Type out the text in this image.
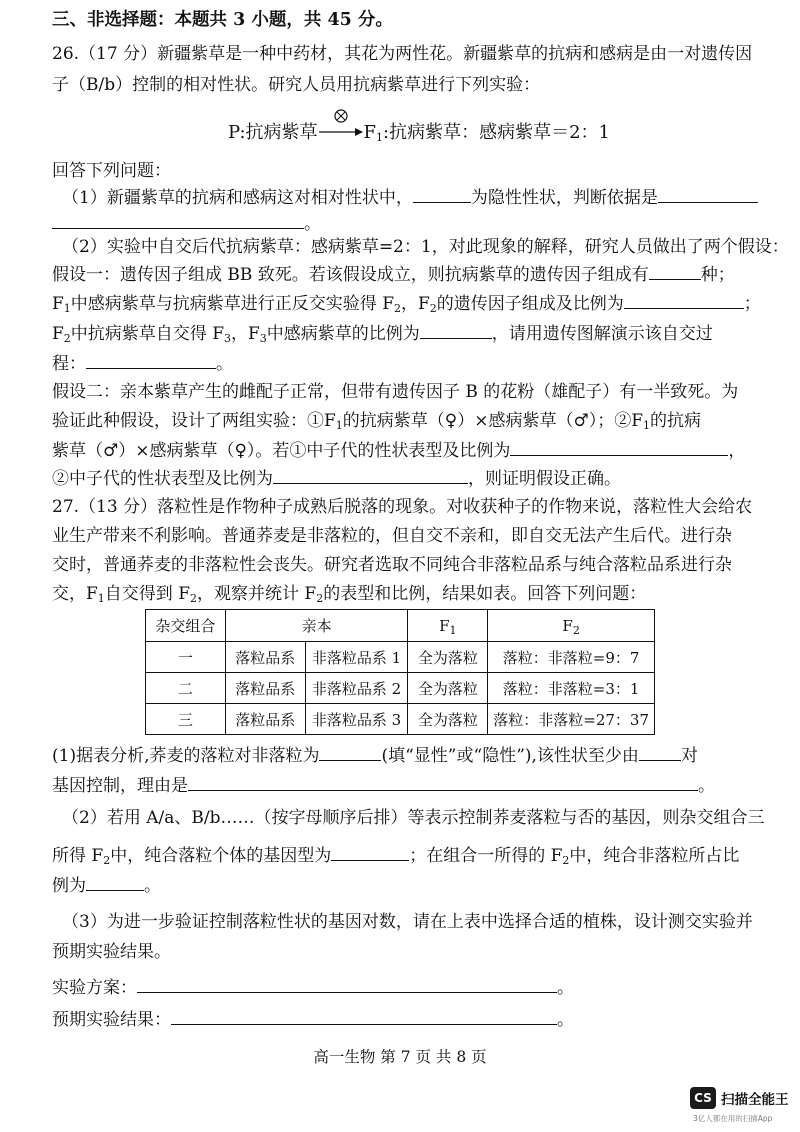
三、非选择题：本题共 3 小题，共 45 分。
26.（17 分）新疆紫草是一种中药材，其花为两性花。新疆紫草的抗病和感病是由一对遗传因
子（B/b）控制的相对性状。研究人员用抗病紫草进行下列实验：
P:抗病紫草	$F_1$:抗病紫草：感病紫草＝2：1
回答下列问题：
（1）新疆紫草的抗病和感病这对相对性状中，	为隐性性状，判断依据是
。
（2）实验中自交后代抗病紫草：感病紫草=2：1，对此现象的解释，研究人员做出了两个假设：
假设一：遗传因子组成 BB 致死。若该假设成立，则抗病紫草的遗传因子组成有	种；
$F_1$中感病紫草与抗病紫草进行正反交实验得 $F_2$，$F_2$的遗传因子组成及比例为	；
$F_2$中抗病紫草自交得 $F_3$，$F_3$中感病紫草的比例为	，请用遗传图解演示该自交过
程：	。
假设二：亲本紫草产生的雌配子正常，但带有遗传因子 B 的花粉（雄配子）有一半致死。为
验证此种假设，设计了两组实验：$①F_1$的抗病紫草（♀）×感病紫草（♂）；$②F_1$的抗病
紫草（♂）×感病紫草（♀）。若①中子代的性状表型及比例为	，
②中子代的性状表型及比例为	，则证明假设正确。
27.（13 分）落粒性是作物种子成熟后脱落的现象。对收获种子的作物来说，落粒性大会给农
业生产带来不利影响。普通荞麦是非落粒的，但自交不亲和，即自交无法产生后代。进行杂
交时，普通荞麦的非落粒性会丧失。研究者选取不同纯合非落粒品系与纯合落粒品系进行杂
交，$F_1$自交得到 $F_2$，观察并统计 $F_2$的表型和比例，结果如表。回答下列问题：
杂交组合	亲本		$F_1$	$F_2$
一	落粒品系	非落粒品系 1	全为落粒	落粒：非落粒=9：7
二	落粒品系	非落粒品系 2	全为落粒	落粒：非落粒=3：1
三	落粒品系	非落粒品系 3	全为落粒	落粒：非落粒=27：37
(1)据表分析,荞麦的落粒对非落粒为	(填“显性”或“隐性”),该性状至少由 对
基因控制，理由是	。
（2）若用 A/a、B/b……（按字母顺序后排）等表示控制荞麦落粒与否的基因，则杂交组合三
所得 $F_2$中，纯合落粒个体的基因型为	；在组合一所得的 $F_2$中，纯合非落粒所占比
例为	。
（3）为进一步验证控制落粒性状的基因对数，请在上表中选择合适的植株，设计测交实验并
预期实验结果。
实验方案：	。
预期实验结果：	。
高一生物 第 7 页 共 8 页
CS 扫描全能王
3亿人都在用的扫描App
